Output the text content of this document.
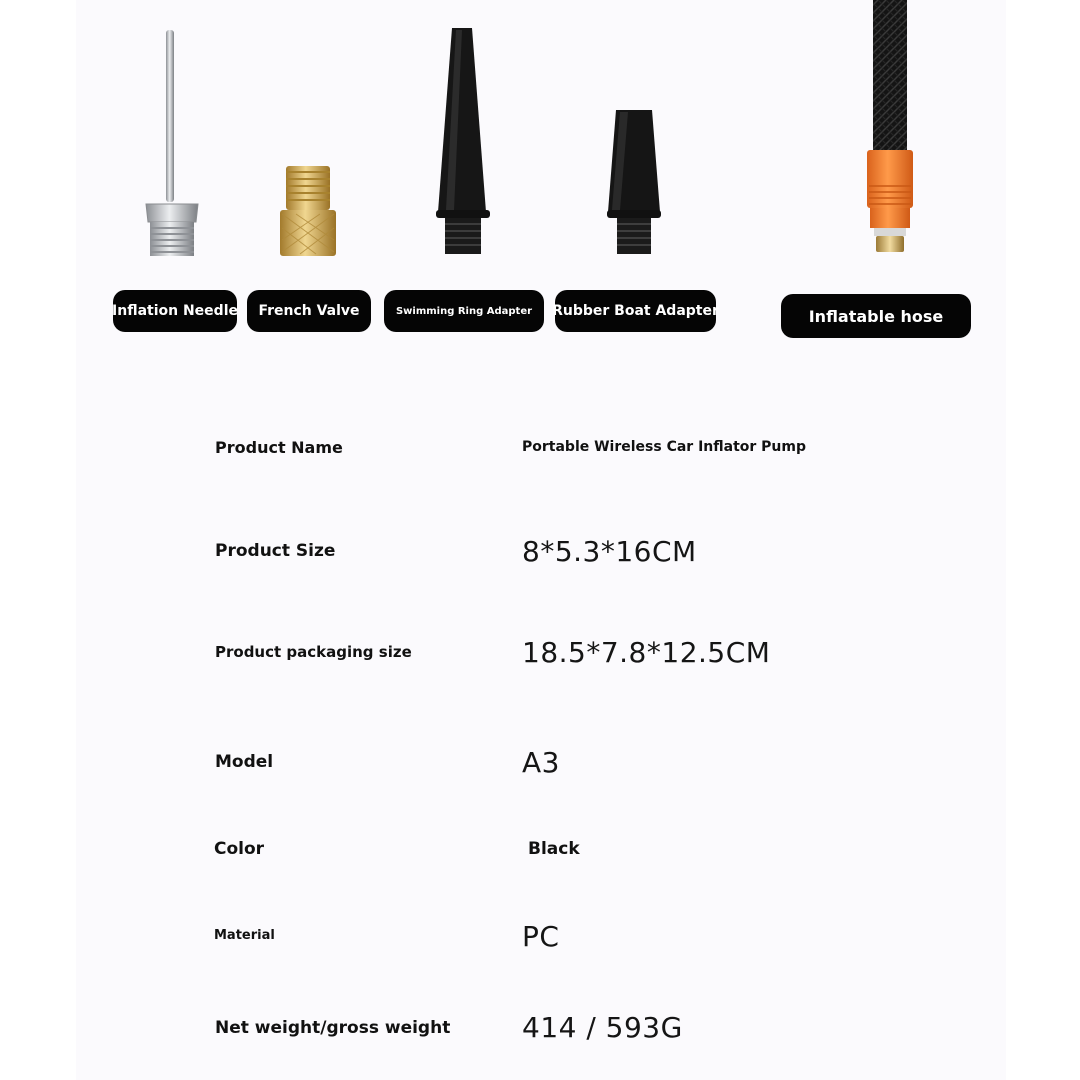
Inflation Needle	French Valve	Swimming Ring Adapter	Rubber Boat Adapter	Inflatable hose
Product Name	Portable Wireless Car Inflator Pump
Product Size	8*5.3*16CM
Product packaging size	18.5*7.8*12.5CM
Model	A3
Color	Black
Material	PC
Net weight/gross weight	414 / 593G
